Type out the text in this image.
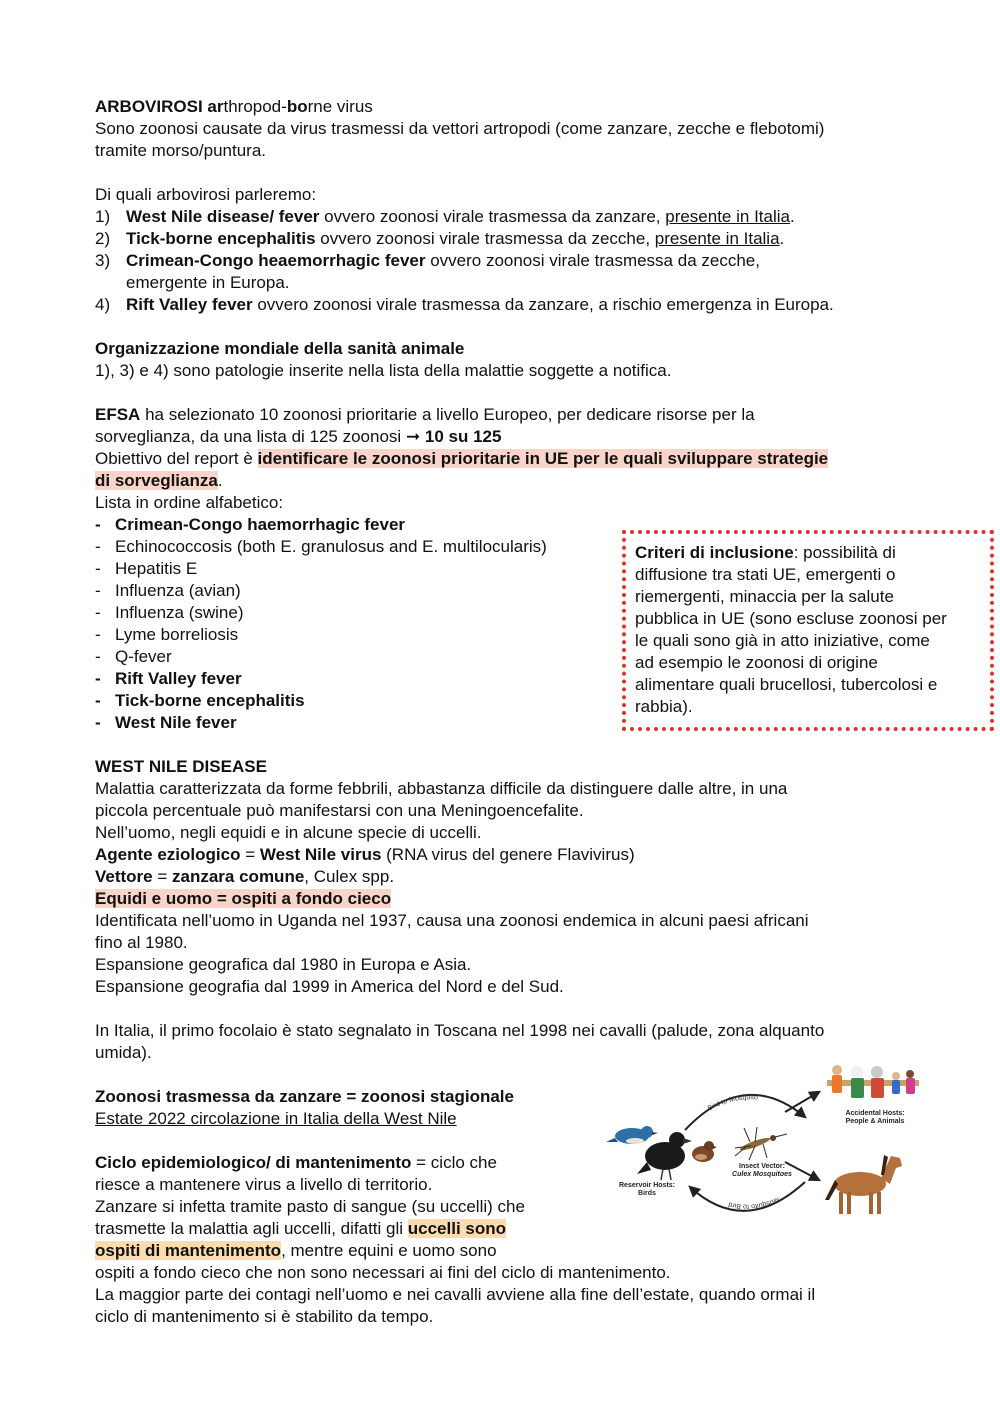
ARBOVIROSI arthropod-borne virus
Sono zoonosi causate da virus trasmessi da vettori artropodi (come zanzare, zecche e flebotomi)
tramite morso/puntura.
Di quali arbovirosi parleremo:
1) West Nile disease/ fever ovvero zoonosi virale trasmessa da zanzare, presente in Italia.
2) Tick-borne encephalitis ovvero zoonosi virale trasmessa da zecche, presente in Italia.
3) Crimean-Congo heaemorrhagic fever ovvero zoonosi virale trasmessa da zecche,
emergente in Europa.
4) Rift Valley fever ovvero zoonosi virale trasmessa da zanzare, a rischio emergenza in Europa.
Organizzazione mondiale della sanità animale
1), 3) e 4) sono patologie inserite nella lista della malattie soggette a notifica.
EFSA ha selezionato 10 zoonosi prioritarie a livello Europeo, per dedicare risorse per la
sorveglianza, da una lista di 125 zoonosi ➞ 10 su 125
Obiettivo del report è identificare le zoonosi prioritarie in UE per le quali sviluppare strategie
di sorveglianza.
Lista in ordine alfabetico:
- Crimean-Congo haemorrhagic fever
- Echinococcosis (both E. granulosus and E. multilocularis)
- Hepatitis E
- Influenza (avian)
- Influenza (swine)
- Lyme borreliosis
- Q-fever
- Rift Valley fever
- Tick-borne encephalitis
- West Nile fever
WEST NILE DISEASE
Malattia caratterizzata da forme febbrili, abbastanza difficile da distinguere dalle altre, in una
piccola percentuale può manifestarsi con una Meningoencefalite.
Nell’uomo, negli equidi e in alcune specie di uccelli.
Agente eziologico = West Nile virus (RNA virus del genere Flavivirus)
Vettore = zanzara comune, Culex spp.
Equidi e uomo = ospiti a fondo cieco
Identificata nell’uomo in Uganda nel 1937, causa una zoonosi endemica in alcuni paesi africani
fino al 1980.
Espansione geografica dal 1980 in Europa e Asia.
Espansione geografia dal 1999 in America del Nord e del Sud.
In Italia, il primo focolaio è stato segnalato in Toscana nel 1998 nei cavalli (palude, zona alquanto
umida).
Zoonosi trasmessa da zanzare = zoonosi stagionale
Estate 2022 circolazione in Italia della West Nile
Ciclo epidemiologico/ di mantenimento = ciclo che
riesce a mantenere virus a livello di territorio.
Zanzare si infetta tramite pasto di sangue (su uccelli) che
trasmette la malattia agli uccelli, difatti gli uccelli sono
ospiti di mantenimento, mentre equini e uomo sono
ospiti a fondo cieco che non sono necessari ai fini del ciclo di mantenimento.
La maggior parte dei contagi nell’uomo e nei cavalli avviene alla fine dell’estate, quando ormai il
ciclo di mantenimento si è stabilito da tempo.
Criteri di inclusione: possibilità di
diffusione tra stati UE, emergenti o
riemergenti, minaccia per la salute
pubblica in UE (sono escluse zoonosi per
le quali sono già in atto iniziative, come
ad esempio le zoonosi di origine
alimentare quali brucellosi, tubercolosi e
rabbia).
Bird to Mosquito
Mosquito to Bird
Accidental Hosts:
People & Animals
Insect Vector:
Culex Mosquitoes
Reservoir Hosts:
Birds
